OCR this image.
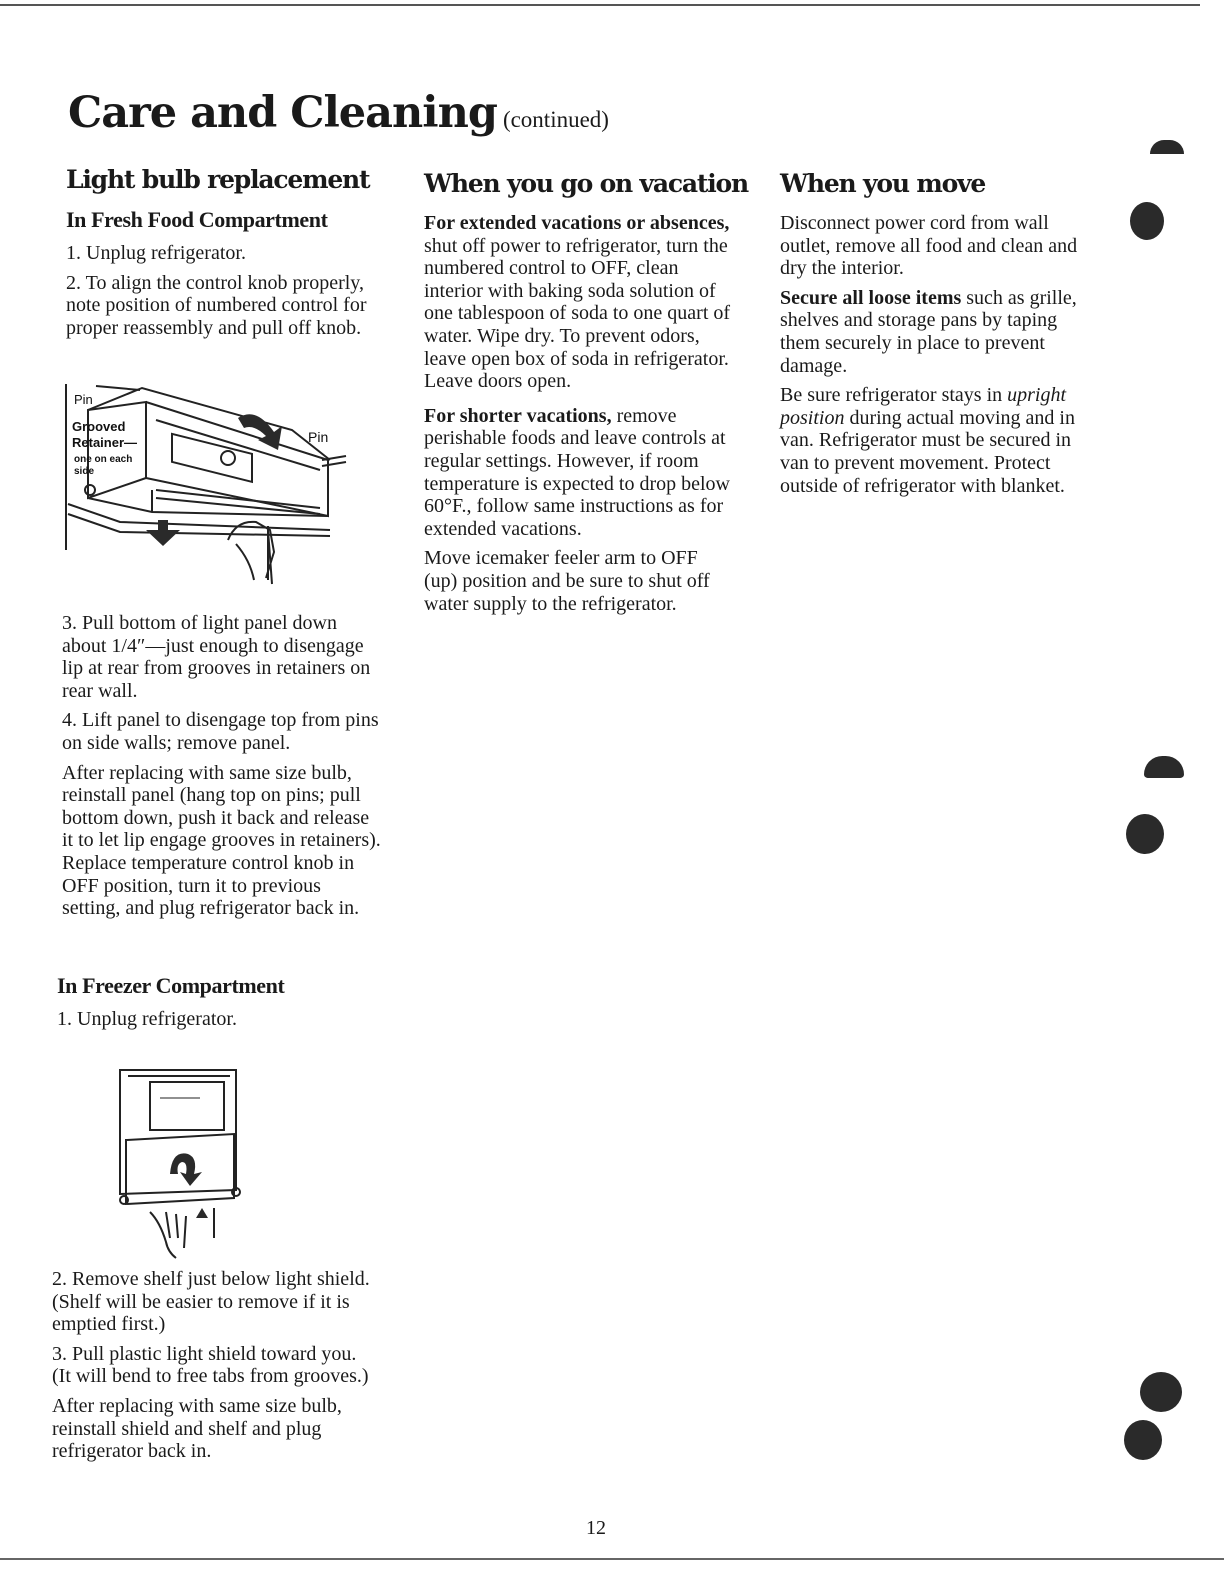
Care and Cleaning (continued)
Light bulb replacement
In Fresh Food Compartment

1. Unplug refrigerator.

2. To align the control knob properly, note position of numbered control for proper reassembly and pull off knob.

Pin
Grooved
Retainer—
one on each
side
Pin

3. Pull bottom of light panel down about 1/4″—just enough to disengage lip at rear from grooves in retainers on rear wall.

4. Lift panel to disengage top from pins on side walls; remove panel.

After replacing with same size bulb, reinstall panel (hang top on pins; pull bottom down, push it back and release it to let lip engage grooves in retainers). Replace temperature control knob in OFF position, turn it to previous setting, and plug refrigerator back in.

In Freezer Compartment

1. Unplug refrigerator.

2. Remove shelf just below light shield. (Shelf will be easier to remove if it is emptied first.)

3. Pull plastic light shield toward you. (It will bend to free tabs from grooves.)

After replacing with same size bulb, reinstall shield and shelf and plug refrigerator back in.

When you go on vacation

For extended vacations or absences, shut off power to refrigerator, turn the numbered control to OFF, clean interior with baking soda solution of one tablespoon of soda to one quart of water. Wipe dry. To prevent odors, leave open box of soda in refrigerator. Leave doors open.

For shorter vacations, remove perishable foods and leave controls at regular settings. However, if room temperature is expected to drop below 60°F., follow same instructions as for extended vacations.

Move icemaker feeler arm to OFF (up) position and be sure to shut off water supply to the refrigerator.

When you move

Disconnect power cord from wall outlet, remove all food and clean and dry the interior.

Secure all loose items such as grille, shelves and storage pans by taping them securely in place to prevent damage.

Be sure refrigerator stays in upright position during actual moving and in van. Refrigerator must be secured in van to prevent movement. Protect outside of refrigerator with blanket.

12
